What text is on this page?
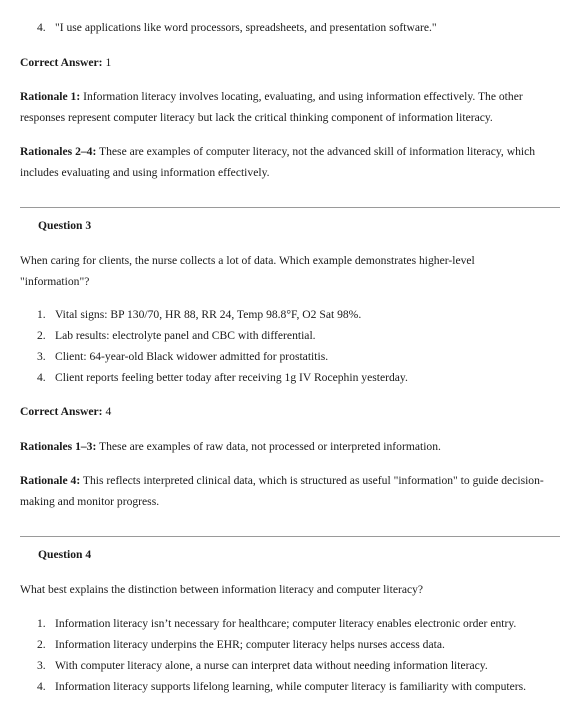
4. "I use applications like word processors, spreadsheets, and presentation software."

Correct Answer: 1

Rationale 1: Information literacy involves locating, evaluating, and using information effectively. The other responses represent computer literacy but lack the critical thinking component of information literacy.

Rationales 2–4: These are examples of computer literacy, not the advanced skill of information literacy, which includes evaluating and using information effectively.

Question 3

When caring for clients, the nurse collects a lot of data. Which example demonstrates higher-level "information"?

1. Vital signs: BP 130/70, HR 88, RR 24, Temp 98.8°F, O2 Sat 98%.
2. Lab results: electrolyte panel and CBC with differential.
3. Client: 64-year-old Black widower admitted for prostatitis.
4. Client reports feeling better today after receiving 1g IV Rocephin yesterday.

Correct Answer: 4

Rationales 1–3: These are examples of raw data, not processed or interpreted information.

Rationale 4: This reflects interpreted clinical data, which is structured as useful "information" to guide decision-making and monitor progress.

Question 4

What best explains the distinction between information literacy and computer literacy?

1. Information literacy isn’t necessary for healthcare; computer literacy enables electronic order entry.
2. Information literacy underpins the EHR; computer literacy helps nurses access data.
3. With computer literacy alone, a nurse can interpret data without needing information literacy.
4. Information literacy supports lifelong learning, while computer literacy is familiarity with computers.
